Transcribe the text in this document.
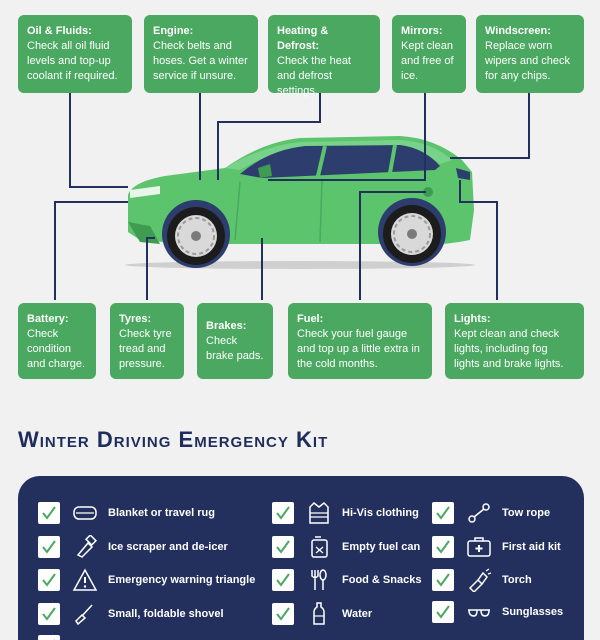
Oil & Fluids:
Check all oil fluid levels and top-up coolant if required.
Engine:
Check belts and hoses. Get a winter service if unsure.
Heating & Defrost:
Check the heat and defrost settings.
Mirrors:
Kept clean and free of ice.
Windscreen:
Replace worn wipers and check for any chips.
Battery:
Check condition and charge.
Tyres:
Check tyre tread and pressure.
Brakes:
Check brake pads.
Fuel:
Check your fuel gauge and top up a little extra in the cold months.
Lights:
Kept clean and check lights, including fog lights and brake lights.
Winter Driving Emergency Kit
Blanket or travel rug
Ice scraper and de-icer
Emergency warning triangle
Small, foldable shovel
Hi-Vis clothing
Empty fuel can
Food & Snacks
Water
Tow rope
First aid kit
Torch
Sunglasses
